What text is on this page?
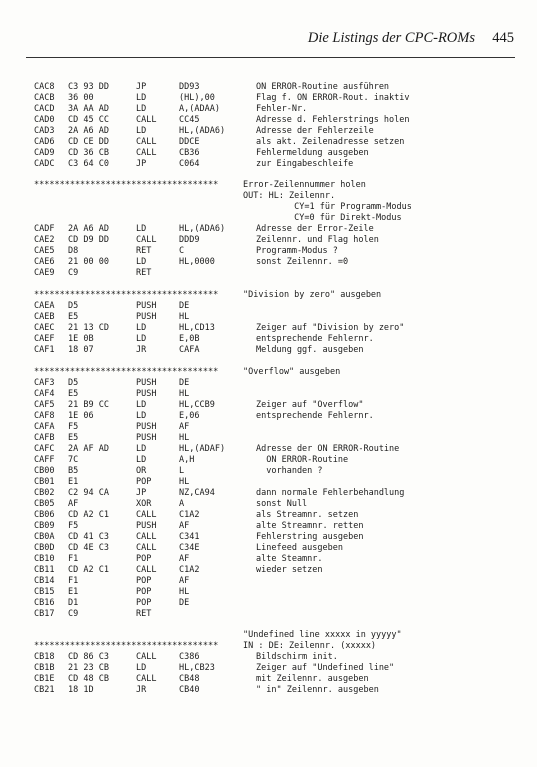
Die Listings der CPC-ROMs 445
CAC8 C3 93 DD	JP	DD93	ON ERROR-Routine ausführen
CACB 36 00	LD	(HL),00	Flag f. ON ERROR-Rout. inaktiv
CACD 3A AA AD	LD	A,(ADAA)	Fehler-Nr.
CAD0 CD 45 CC	CALL	CC45	Adresse d. Fehlerstrings holen
CAD3 2A A6 AD	LD	HL,(ADA6)	Adresse der Fehlerzeile
CAD6 CD CE DD	CALL	DDCE	als akt. Zeilenadresse setzen
CAD9 CD 36 CB	CALL	CB36	Fehlermeldung ausgeben
CADC C3 64 C0	JP	C064	zur Eingabeschleife
************************************	Error-Zeilennummer holen
OUT: HL: Zeilennr.
CY=1 für Programm-Modus
CY=0 für Direkt-Modus
CADF 2A A6 AD	LD	HL,(ADA6)	Adresse der Error-Zeile
CAE2 CD D9 DD	CALL	DDD9	Zeilennr. und Flag holen
CAE5 D8	RET	C	Programm-Modus ?
CAE6 21 00 00	LD	HL,0000	sonst Zeilennr. =0
CAE9 C9	RET
************************************	"Division by zero" ausgeben
CAEA D5	PUSH	DE
CAEB E5	PUSH	HL
CAEC 21 13 CD	LD	HL,CD13	Zeiger auf "Division by zero"
CAEF 1E 0B	LD	E,0B	entsprechende Fehlernr.
CAF1 18 07	JR	CAFA	Meldung ggf. ausgeben
************************************	"Overflow" ausgeben
CAF3 D5	PUSH	DE
CAF4 E5	PUSH	HL
CAF5 21 B9 CC	LD	HL,CCB9	Zeiger auf "Overflow"
CAF8 1E 06	LD	E,06	entsprechende Fehlernr.
CAFA F5	PUSH	AF
CAFB E5	PUSH	HL
CAFC 2A AF AD	LD	HL,(ADAF)	Adresse der ON ERROR-Routine
CAFF 7C	LD	A,H	ON ERROR-Routine
CB00 B5	OR	L	vorhanden ?
CB01 E1	POP	HL
CB02 C2 94 CA	JP	NZ,CA94	dann normale Fehlerbehandlung
CB05 AF	XOR	A	sonst Null
CB06 CD A2 C1	CALL	C1A2	als Streamnr. setzen
CB09 F5	PUSH	AF	alte Streamnr. retten
CB0A CD 41 C3	CALL	C341	Fehlerstring ausgeben
CB0D CD 4E C3	CALL	C34E	Linefeed ausgeben
CB10 F1	POP	AF	alte Steamnr.
CB11 CD A2 C1	CALL	C1A2	wieder setzen
CB14 F1	POP	AF
CB15 E1	POP	HL
CB16 D1	POP	DE
CB17 C9	RET
"Undefined line xxxxx in yyyyy"
************************************	IN : DE: Zeilennr. (xxxxx)
CB18 CD 86 C3	CALL	C386	Bildschirm init.
CB1B 21 23 CB	LD	HL,CB23	Zeiger auf "Undefined line"
CB1E CD 48 CB	CALL	CB48	mit Zeilennr. ausgeben
CB21 18 1D	JR	CB40	" in" Zeilennr. ausgeben
